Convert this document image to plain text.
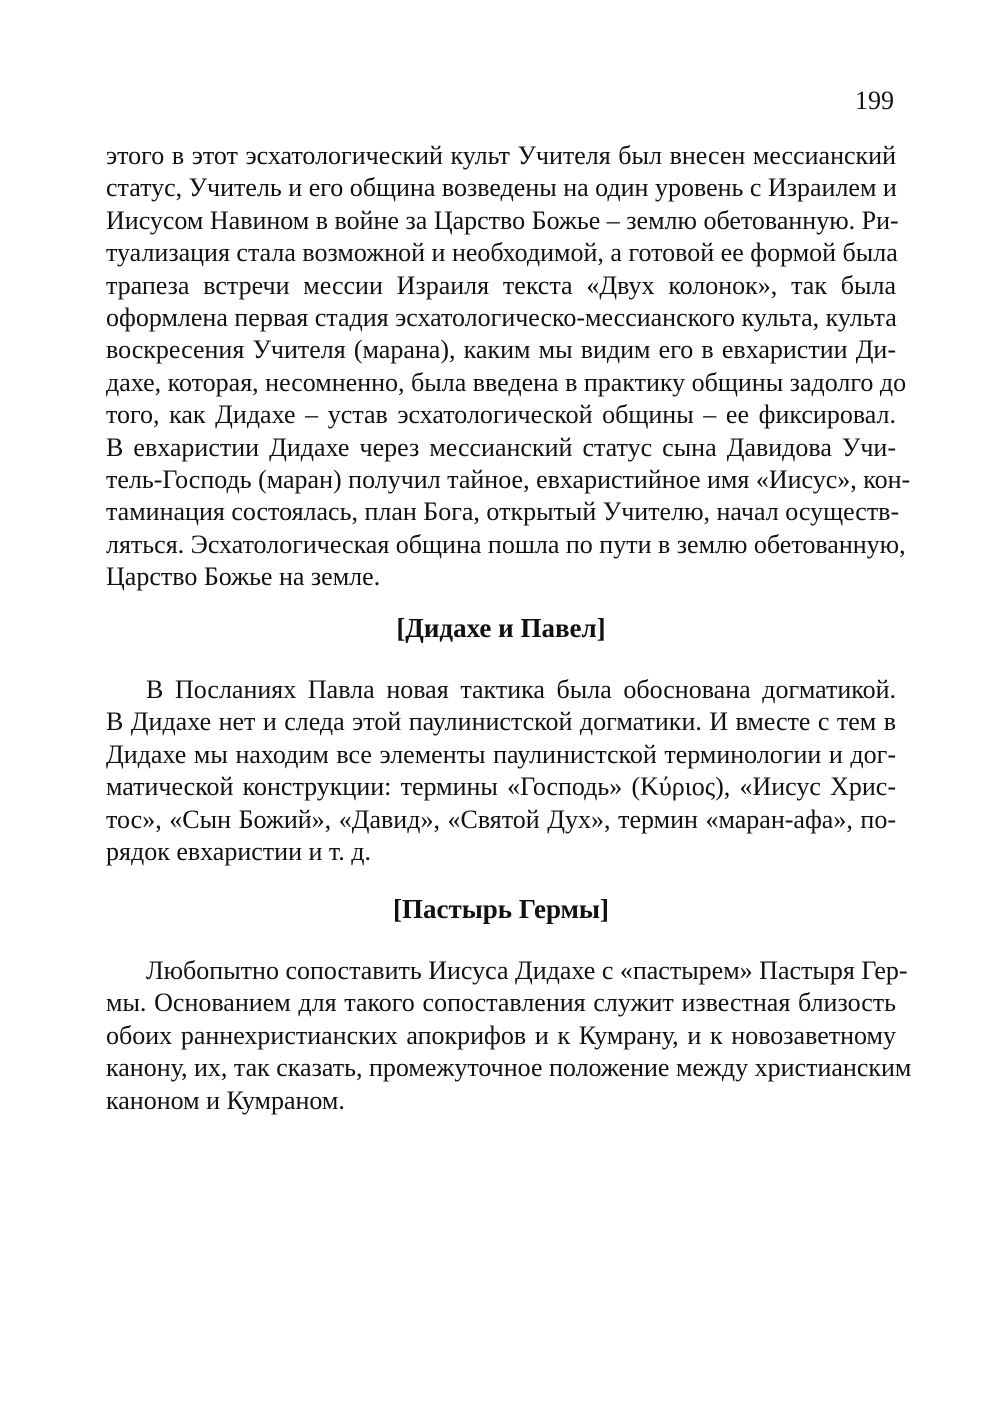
199

этого в этот эсхатологический культ Учителя был внесен мессианский
статус, Учитель и его община возведены на один уровень с Израилем и
Иисусом Навином в войне за Царство Божье – землю обетованную. Ри-
туализация стала возможной и необходимой, а готовой ее формой была
трапеза встречи мессии Израиля текста «Двух колонок», так была
оформлена первая стадия эсхатологическо-мессианского культа, культа
воскресения Учителя (марана), каким мы видим его в евхаристии Ди-
дахе, которая, несомненно, была введена в практику общины задолго до
того, как Дидахе – устав эсхатологической общины – ее фиксировал.
В евхаристии Дидахе через мессианский статус сына Давидова Учи-
тель-Господь (маран) получил тайное, евхаристийное имя «Иисус», кон-
таминация состоялась, план Бога, открытый Учителю, начал осуществ-
ляться. Эсхатологическая община пошла по пути в землю обетованную,
Царство Божье на земле.

[Дидахе и Павел]

В Посланиях Павла новая тактика была обоснована догматикой.
В Дидахе нет и следа этой паулинистской догматики. И вместе с тем в
Дидахе мы находим все элементы паулинистской терминологии и дог-
матической конструкции: термины «Господь» (Κύριος), «Иисус Хрис-
тос», «Сын Божий», «Давид», «Святой Дух», термин «маран-афа», по-
рядок евхаристии и т. д.

[Пастырь Гермы]

Любопытно сопоставить Иисуса Дидахе с «пастырем» Пастыря Гер-
мы. Основанием для такого сопоставления служит известная близость
обоих раннехристианских апокрифов и к Кумрану, и к новозаветному
канону, их, так сказать, промежуточное положение между христианским
каноном и Кумраном.
